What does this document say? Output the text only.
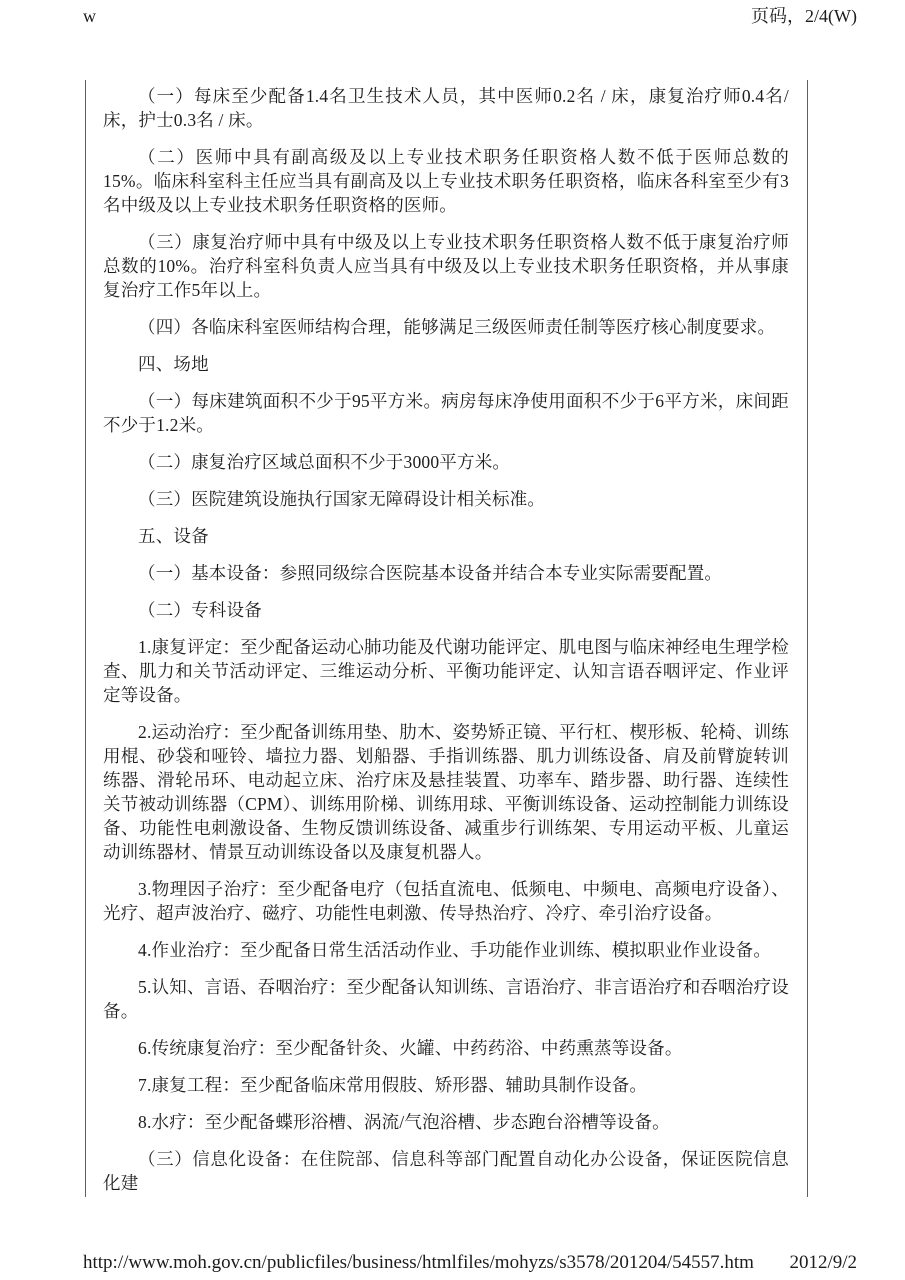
w	页码，2/4(W)

（一）每床至少配备1.4名卫生技术人员，其中医师0.2名 / 床，康复治疗师0.4名/床，护士0.3名 / 床。

（二）医师中具有副高级及以上专业技术职务任职资格人数不低于医师总数的15%。临床科室科主任应当具有副高及以上专业技术职务任职资格，临床各科室至少有3名中级及以上专业技术职务任职资格的医师。

（三）康复治疗师中具有中级及以上专业技术职务任职资格人数不低于康复治疗师总数的10%。治疗科室科负责人应当具有中级及以上专业技术职务任职资格，并从事康复治疗工作5年以上。

（四）各临床科室医师结构合理，能够满足三级医师责任制等医疗核心制度要求。

四、场地

（一）每床建筑面积不少于95平方米。病房每床净使用面积不少于6平方米，床间距不少于1.2米。

（二）康复治疗区域总面积不少于3000平方米。

（三）医院建筑设施执行国家无障碍设计相关标准。

五、设备

（一）基本设备：参照同级综合医院基本设备并结合本专业实际需要配置。

（二）专科设备

1.康复评定：至少配备运动心肺功能及代谢功能评定、肌电图与临床神经电生理学检查、肌力和关节活动评定、三维运动分析、平衡功能评定、认知言语吞咽评定、作业评定等设备。

2.运动治疗：至少配备训练用垫、肋木、姿势矫正镜、平行杠、楔形板、轮椅、训练用棍、砂袋和哑铃、墙拉力器、划船器、手指训练器、肌力训练设备、肩及前臂旋转训练器、滑轮吊环、电动起立床、治疗床及悬挂装置、功率车、踏步器、助行器、连续性关节被动训练器（CPM）、训练用阶梯、训练用球、平衡训练设备、运动控制能力训练设备、功能性电刺激设备、生物反馈训练设备、减重步行训练架、专用运动平板、儿童运动训练器材、情景互动训练设备以及康复机器人。

3.物理因子治疗：至少配备电疗（包括直流电、低频电、中频电、高频电疗设备）、光疗、超声波治疗、磁疗、功能性电刺激、传导热治疗、冷疗、牵引治疗设备。

4.作业治疗：至少配备日常生活活动作业、手功能作业训练、模拟职业作业设备。

5.认知、言语、吞咽治疗：至少配备认知训练、言语治疗、非言语治疗和吞咽治疗设备。

6.传统康复治疗：至少配备针灸、火罐、中药药浴、中药熏蒸等设备。

7.康复工程：至少配备临床常用假肢、矫形器、辅助具制作设备。

8.水疗：至少配备蝶形浴槽、涡流/气泡浴槽、步态跑台浴槽等设备。

（三）信息化设备：在住院部、信息科等部门配置自动化办公设备，保证医院信息化建

http://www.moh.gov.cn/publicfiles/business/htmlfiles/mohyzs/s3578/201204/54557.htm 2012/9/2
